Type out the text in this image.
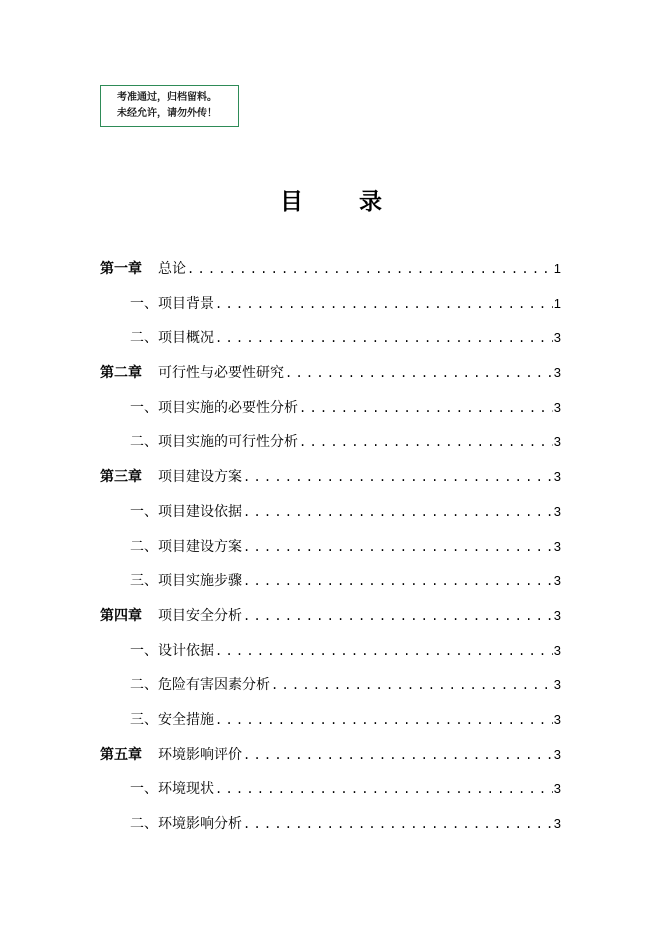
考准通过，归档留料。
未经允许，请勿外传！
目 录
第一章 总论 . . .	1
一、项目背景 . . .	1
二、项目概况 . . .	3
第二章 可行性与必要性研究 . . .	3
一、项目实施的必要性分析 . . .	3
二、项目实施的可行性分析 . . .	3
第三章 项目建设方案 . . .	3
一、项目建设依据 . . .	3
二、项目建设方案 . . .	3
三、项目实施步骤 . . .	3
第四章 项目安全分析 . . .	3
一、设计依据 . . .	3
二、危险有害因素分析 . . .	3
三、安全措施 . . .	3
第五章 环境影响评价 . . .	3
一、环境现状 . . .	3
二、环境影响分析 . . .	3
